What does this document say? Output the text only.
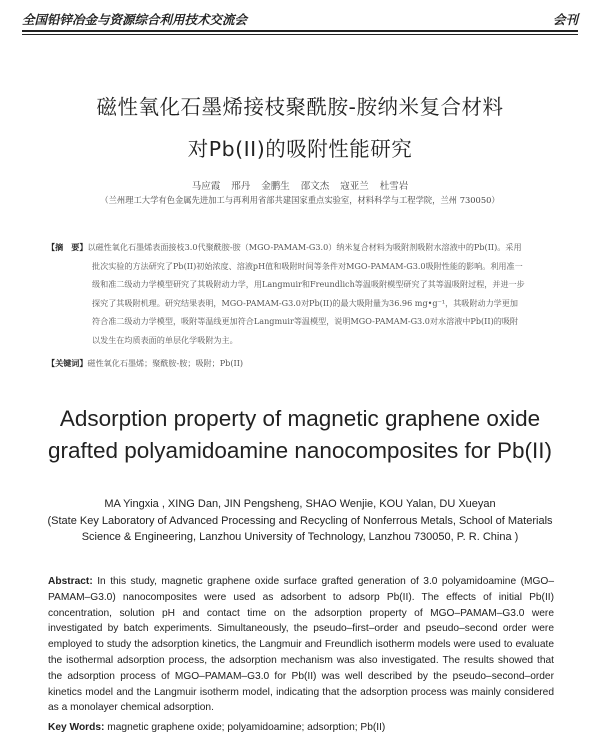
全国铅锌冶金与资源综合利用技术交流会	会刊
磁性氧化石墨烯接枝聚酰胺-胺纳米复合材料
对Pb(II)的吸附性能研究
马应霞 邢丹 金鹏生 邵文杰 寇亚兰 杜雪岩
（兰州理工大学有色金属先进加工与再利用省部共建国家重点实验室，材料科学与工程学院，兰州 730050）
【摘　要】以磁性氧化石墨烯表面接枝3.0代聚酰胺-胺（MGO-PAMAM-G3.0）纳米复合材料为吸附剂吸附水溶液中的Pb(II)。采用批次实验的方法研究了Pb(II)初始浓度、溶液pH值和吸附时间等条件对MGO-PAMAM-G3.0吸附性能的影响。利用准一级和准二级动力学模型研究了其吸附动力学，用Langmuir和Freundlich等温吸附模型研究了其等温吸附过程，并进一步探究了其吸附机理。研究结果表明，MGO-PAMAM-G3.0对Pb(II)的最大吸附量为36.96 mg•g⁻¹，其吸附动力学更加符合准二级动力学模型，吸附等温线更加符合Langmuir等温模型，说明MGO-PAMAM-G3.0对水溶液中Pb(II)的吸附以发生在均质表面的单层化学吸附为主。
【关键词】磁性氧化石墨烯；聚酰胺-胺；吸附；Pb(II)
Adsorption property of magnetic graphene oxide
grafted polyamidoamine nanocomposites for Pb(II)
MA Yingxia , XING Dan, JIN Pengsheng, SHAO Wenjie, KOU Yalan, DU Xueyan
(State Key Laboratory of Advanced Processing and Recycling of Nonferrous Metals, School of Materials
Science & Engineering, Lanzhou University of Technology, Lanzhou 730050, P. R. China )
Abstract: In this study, magnetic graphene oxide surface grafted generation of 3.0 polyamidoamine (MGO–PAMAM–G3.0) nanocomposites were used as adsorbent to adsorp Pb(II). The effects of initial Pb(II) concentration, solution pH and contact time on the adsorption property of MGO–PAMAM–G3.0 were investigated by batch experiments. Simultaneously, the pseudo–first–order and pseudo–second order were employed to study the adsorption kinetics, the Langmuir and Freundlich isotherm models were used to evaluate the isothermal adsorption process, the adsorption mechanism was also investigated. The results showed that the adsorption process of MGO–PAMAM–G3.0 for Pb(II) was well described by the pseudo–second–order kinetics model and the Langmuir isotherm model, indicating that the adsorption process was mainly considered as a monolayer chemical adsorption.
Key Words: magnetic graphene oxide; polyamidoamine; adsorption; Pb(II)
